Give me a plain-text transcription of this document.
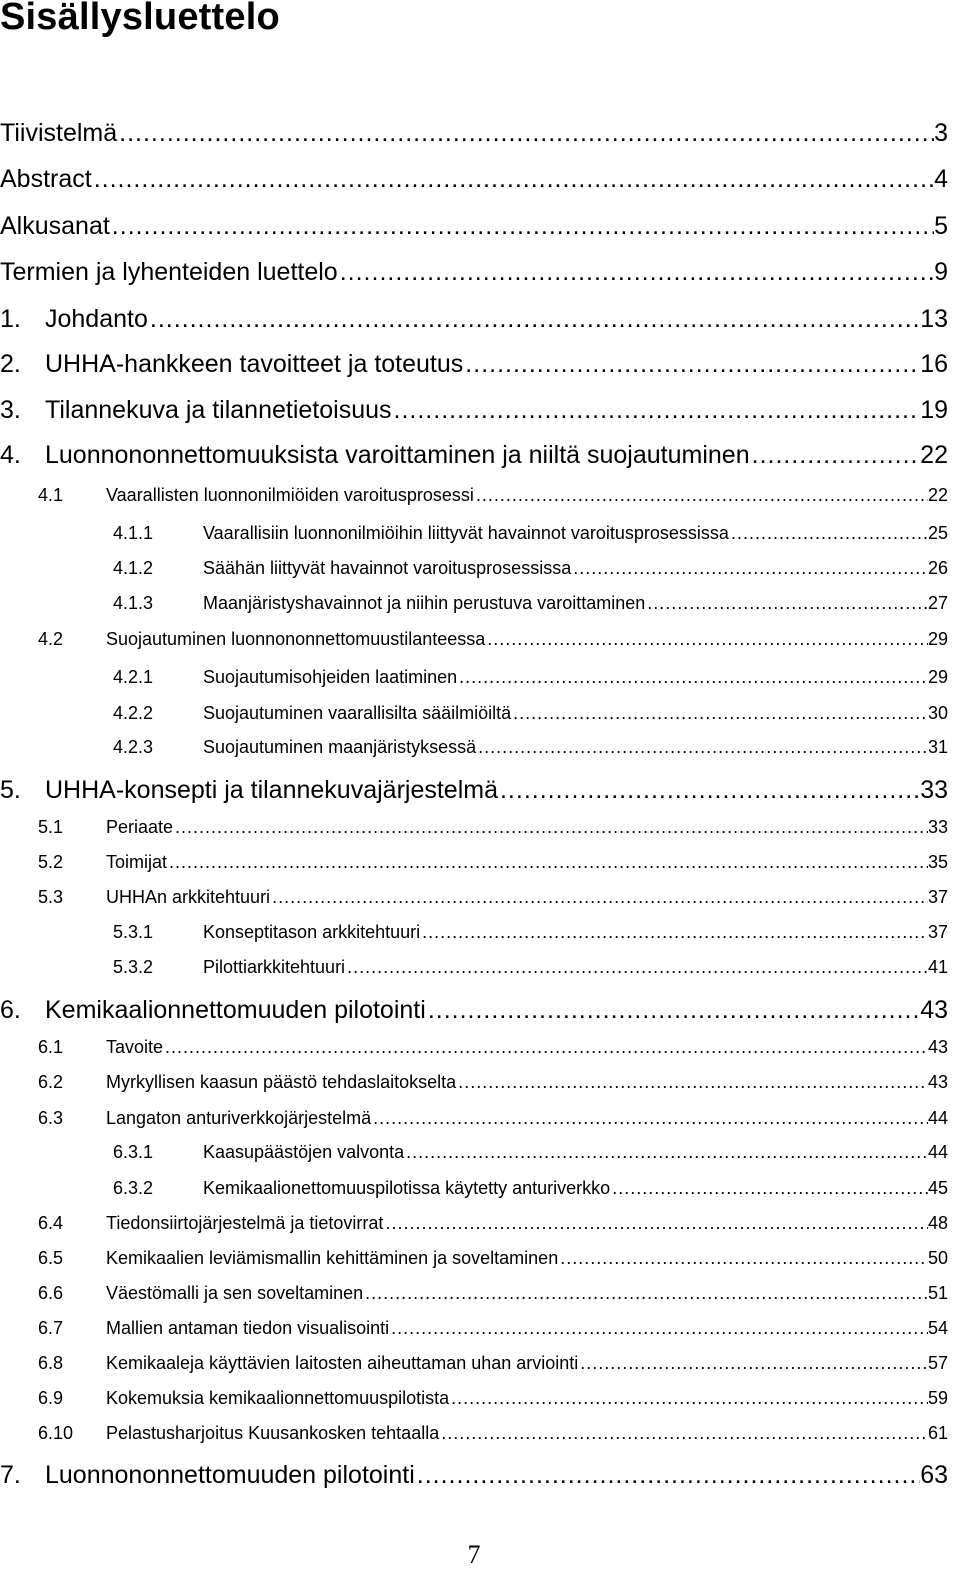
Sisällysluettelo
Tiivistelmä .....	3
Abstract .....	4
Alkusanat .....	5
Termien ja lyhenteiden luettelo .....	9
1. Johdanto .....	13
2. UHHA-hankkeen tavoitteet ja toteutus .....	16
3. Tilannekuva ja tilannetietoisuus .....	19
4. Luonnononnettomuuksista varoittaminen ja niiltä suojautuminen .....	22
4.1	Vaarallisten luonnonilmiöiden varoitusprosessi .....	22
4.1.1	Vaarallisiin luonnonilmiöihin liittyvät havainnot varoitusprosessissa .....	25
4.1.2	Säähän liittyvät havainnot varoitusprosessissa .....	26
4.1.3	Maanjäristyshavainnot ja niihin perustuva varoittaminen .....	27
4.2	Suojautuminen luonnononnettomuustilanteessa .....	29
4.2.1	Suojautumisohjeiden laatiminen .....	29
4.2.2	Suojautuminen vaarallisilta sääilmiöiltä .....	30
4.2.3	Suojautuminen maanjäristyksessä .....	31
5. UHHA-konsepti ja tilannekuvajärjestelmä .....	33
5.1	Periaate .....	33
5.2	Toimijat .....	35
5.3	UHHAn arkkitehtuuri .....	37
5.3.1	Konseptitason arkkitehtuuri .....	37
5.3.2	Pilottiarkkitehtuuri .....	41
6. Kemikaalionnettomuuden pilotointi .....	43
6.1	Tavoite .....	43
6.2	Myrkyllisen kaasun päästö tehdaslaitokselta .....	43
6.3	Langaton anturiverkkojärjestelmä .....	44
6.3.1	Kaasupäästöjen valvonta .....	44
6.3.2	Kemikaalionettomuuspilotissa käytetty anturiverkko .....	45
6.4	Tiedonsiirtojärjestelmä ja tietovirrat .....	48
6.5	Kemikaalien leviämismallin kehittäminen ja soveltaminen .....	50
6.6	Väestömalli ja sen soveltaminen .....	51
6.7	Mallien antaman tiedon visualisointi .....	54
6.8	Kemikaaleja käyttävien laitosten aiheuttaman uhan arviointi .....	57
6.9	Kokemuksia kemikaalionnettomuuspilotista .....	59
6.10	Pelastusharjoitus Kuusankosken tehtaalla .....	61
7. Luonnononnettomuuden pilotointi .....	63
7
